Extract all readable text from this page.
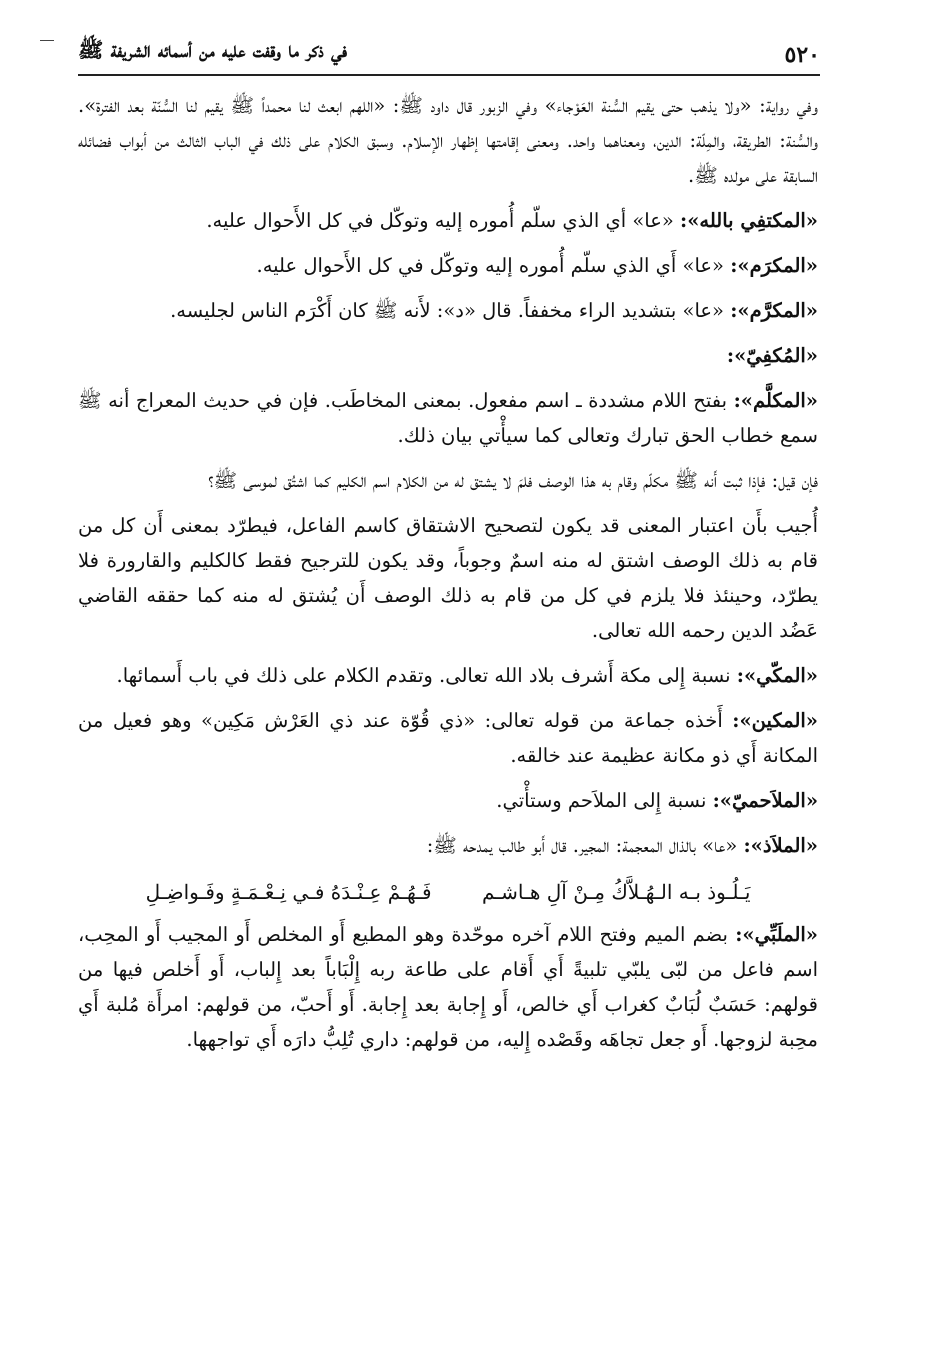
٥٢٠
في ذكر ما وقفت عليه من أسمائه الشريفة ﷺ

وفي رواية: «ولا يذهب حتى يقيم السُّنة العَوْجاء» وفي الزبور قال داود ﷺ: «اللهم ابعث لنا محمداً ﷺ يقيم لنا السُّنّة بعد الفترة». والسُّنة: الطريقة، والمِلّة: الدين، ومعناهما واحد. ومعنى إقامتها إظهار الإسلام. وسبق الكلام على ذلك في الباب الثالث من أبواب فضائله السابقة على مولده ﷺ.

«المكتفِي بالله»: «عا» أي الذي سلّم أُموره إليه وتوكّل في كل الأَحوال عليه.

«المكرَم»: «عا» أَي الذي سلّم أُموره إليه وتوكّل في كل الأَحوال عليه.

«المكرَّم»: «عا» بتشديد الراء مخففاً. قال «د»: لأَنه ﷺ كان أَكْرَم الناس لجليسه.

«المُكفِيّ»:

«المكلَّم»: بفتح اللام مشددة ـ اسم مفعول. بمعنى المخاطَب. فإن في حديث المعراج أنه ﷺ سمع خطاب الحق تبارك وتعالى كما سيأْتي بيان ذلك.

فإن قيل: فإذا ثبت أَنه ﷺ مكلّم وقام به هذا الوصف فلمَ لا يشتق له من الكلام اسم الكليم كما اشتُق لموسى ﷺ؟

أُجيب بأَن اعتبار المعنى قد يكون لتصحيح الاشتقاق كاسم الفاعل، فيطرّد بمعنى أَن كل من قام به ذلك الوصف اشتق له منه اسمٌ وجوباً، وقد يكون للترجيح فقط كالكليم والقارورة فلا يطرّد، وحينئذ فلا يلزم في كل من قام به ذلك الوصف أَن يُشتق له منه كما حققه القاضي عَضُد الدين رحمه الله تعالى.

«المكّي»: نسبة إِلى مكة أَشرف بلاد الله تعالى. وتقدم الكلام على ذلك في باب أَسمائها.

«المكين»: أَخذه جماعة من قوله تعالى: «ذي قُوّة عند ذي العَرْش مَكِين» وهو فعيل من المكانة أَي ذو مكانة عظيمة عند خالقه.

«الملاَحميّ»: نسبة إِلى الملاَحم وستأْتي.

«الملاَذ»: «عا» بالذال المعجمة: المجير. قال أَبو طالب يمدحه ﷺ:

يَـلُـوذ بـه الـهُـلاَّكُ مِـنْ آلِ هـاشـم فَـهُـمْ عِـنْـدَهُ فـي نِـعْـمَـةٍ وفَـواضِـلِ

«الملَبِّي»: بضم الميم وفتح اللام آخره موحّدة وهو المطيع أَو المخلص أَو المجيب أَو المحِب، اسم فاعل من لبّى يلبّي تلبيةً أَي أَقام على طاعة ربه إِلْبَاباً بعد إِلباب، أَو أَخلص فيها من قولهم: حَسَبٌ لُبَابٌ كغراب أَي خالص، أَو إِجابة بعد إِجابة. أَو أَحبّ، من قولهم: امرأَة مُلبة أَي محِبة لزوجها. أَو جعل تجاهَه وقَصْده إِليه، من قولهم: داري تُلِبُّ دارَه أَي تواجهها.
